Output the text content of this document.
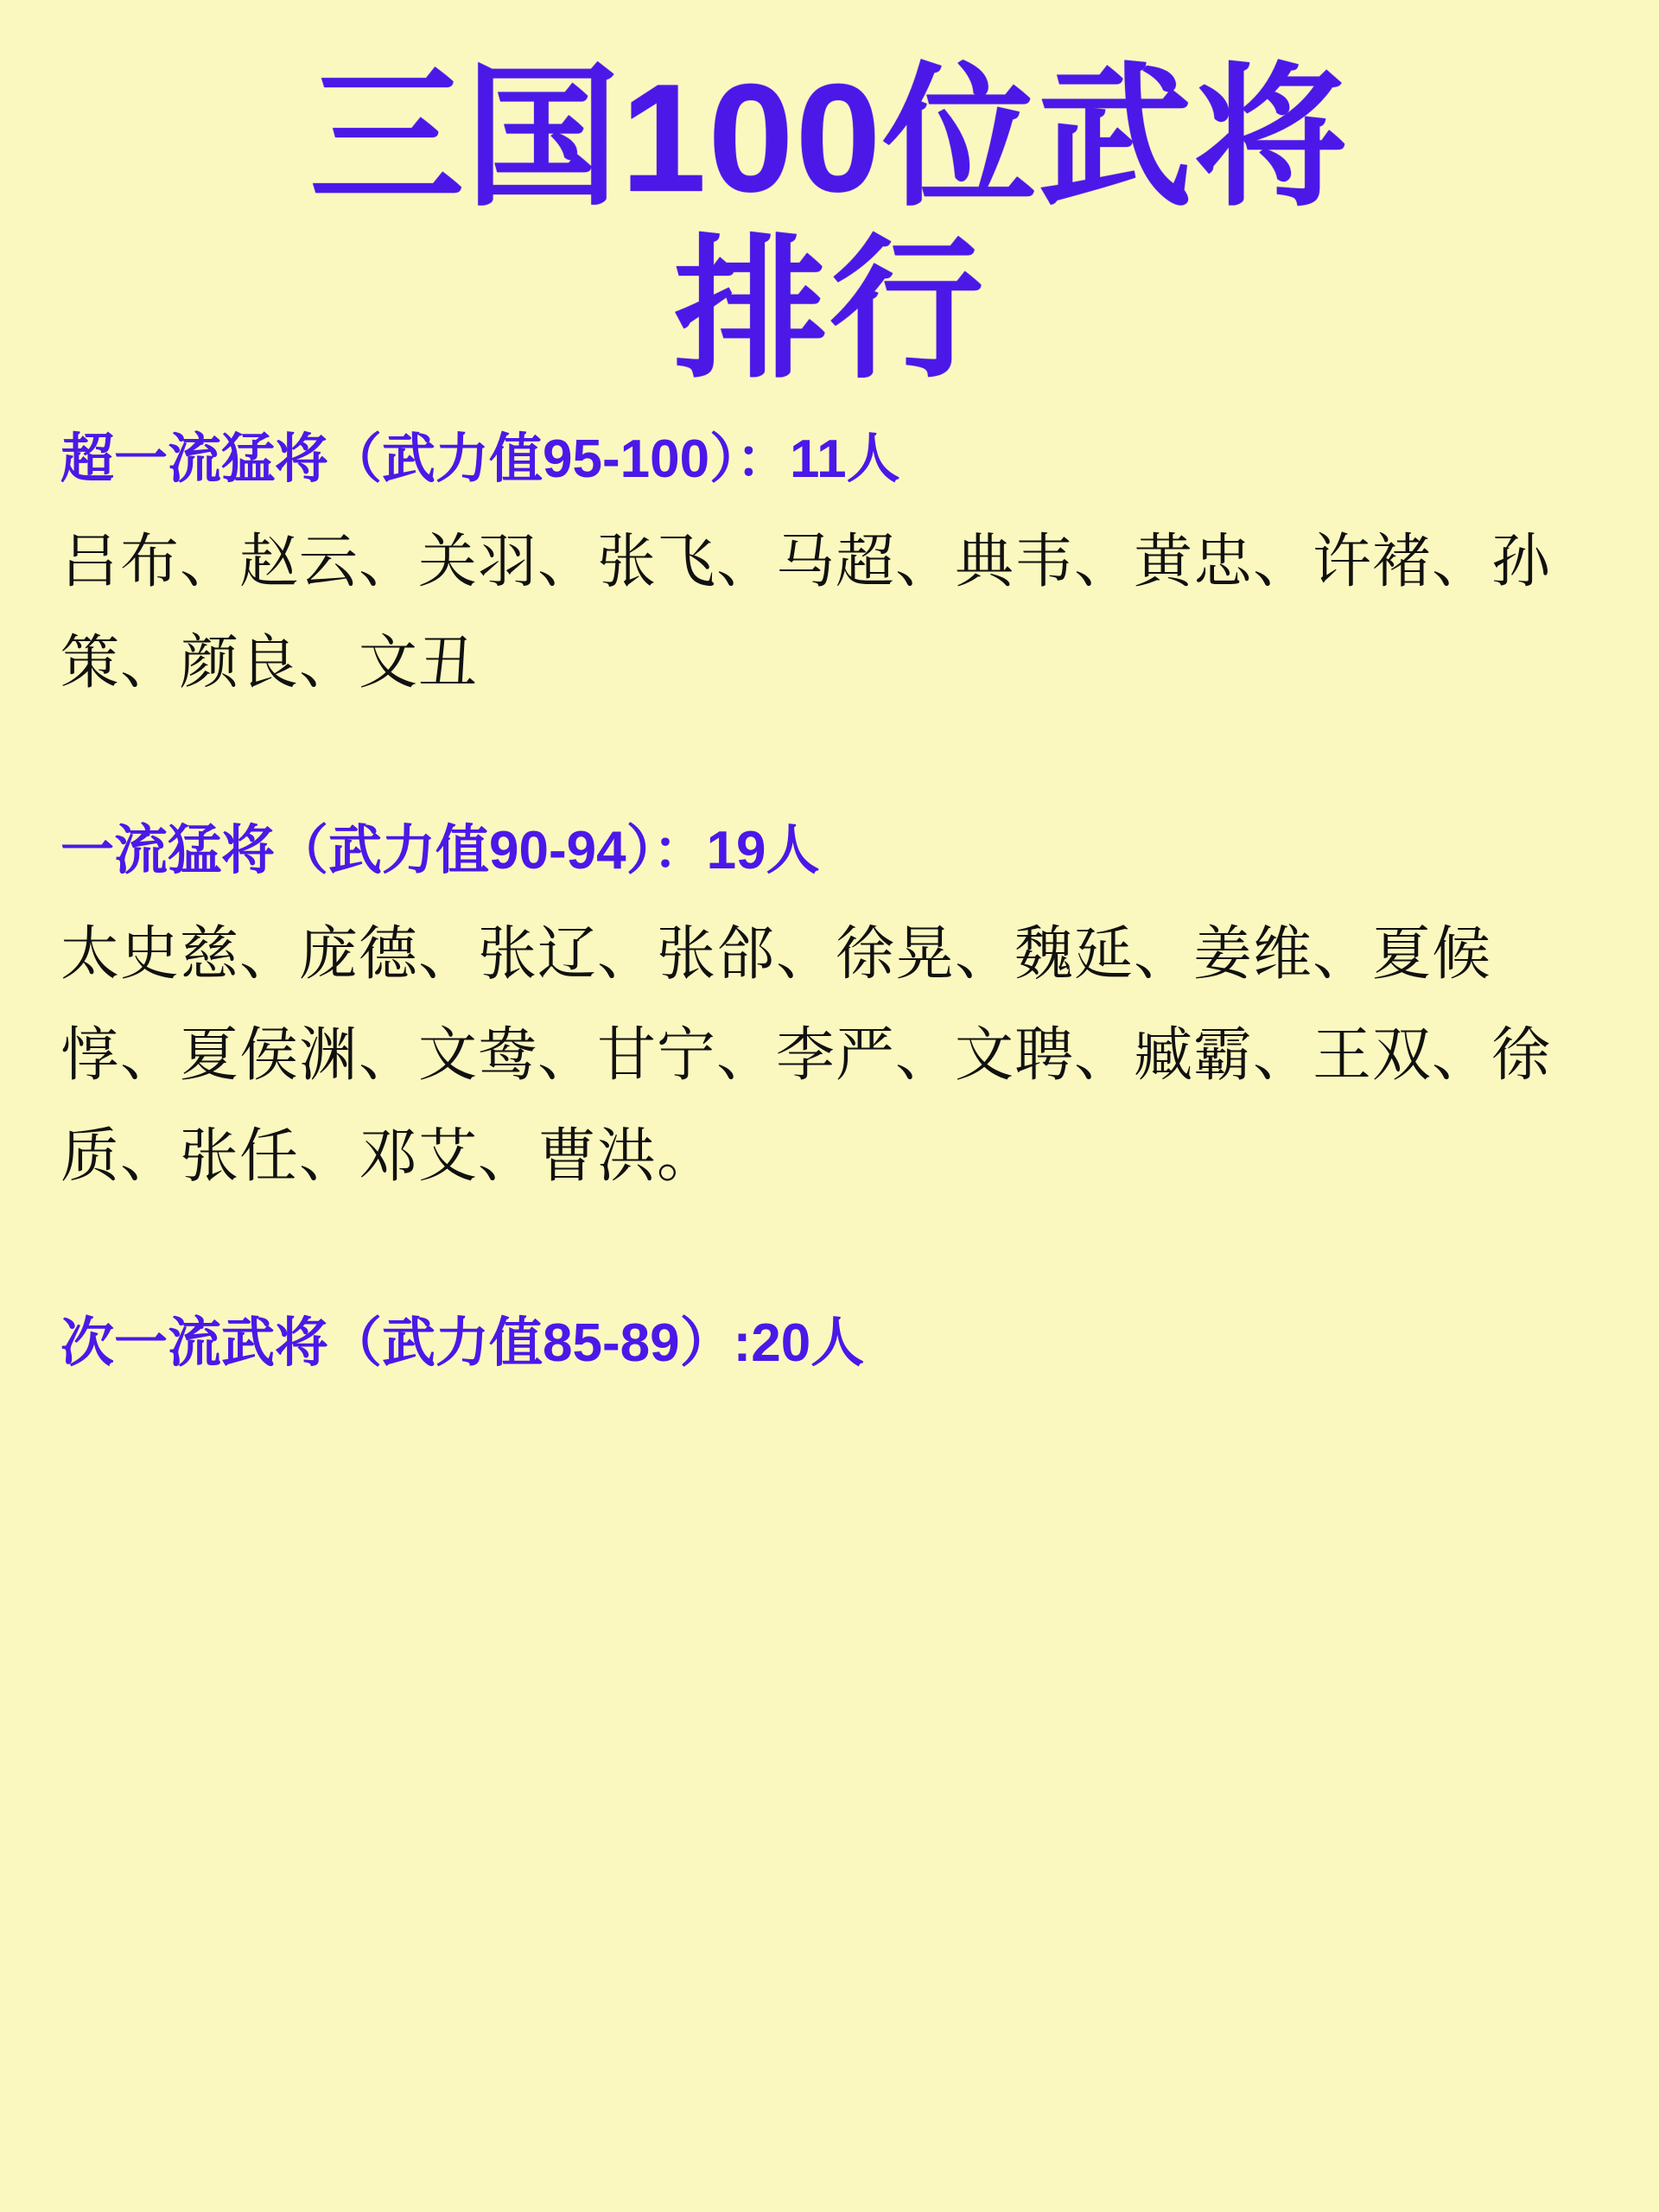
三国100位武将
排行

超一流猛将（武力值95-100）：11人

吕布、赵云、关羽、张飞、马超、典韦、黄忠、许褚、孙策、颜良、文丑

一流猛将（武力值90-94）：19人

太史慈、庞德、张辽、张郃、徐晃、魏延、姜维、夏候惇、夏侯渊、文鸯、甘宁、李严、文聘、臧霸、王双、徐质、张任、邓艾、曹洪。

次一流武将（武力值85-89）:20人
